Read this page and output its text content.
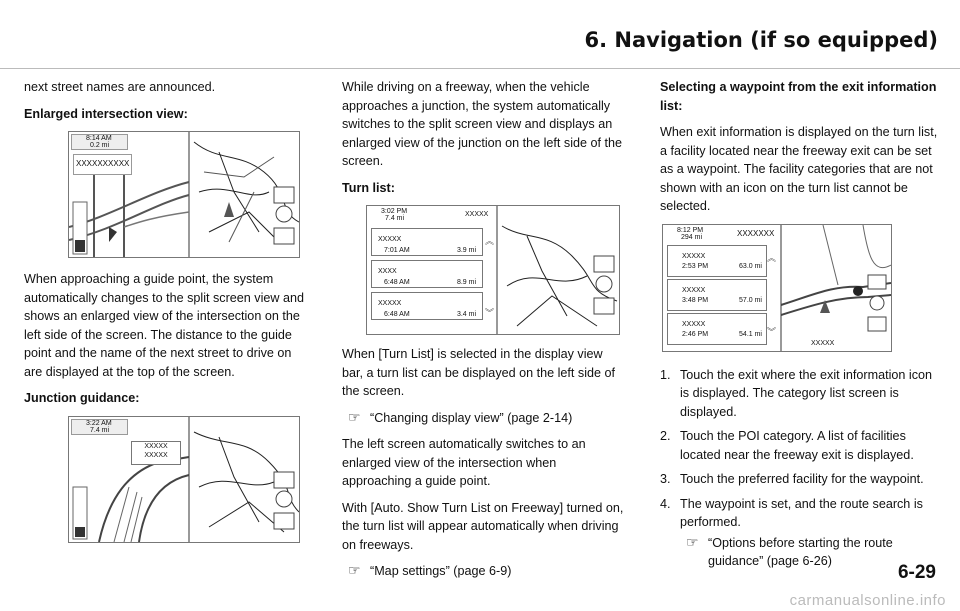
6. Navigation (if so equipped)

next street names are announced.

Enlarged intersection view:

8:14 AM
0.2 mi
XXXXXXXXXX

When approaching a guide point, the system automatically changes to the split screen view and shows an enlarged view of the intersection on the left side of the screen. The distance to the guide point and the name of the next street to drive on are displayed at the top of the screen.

Junction guidance:

3:22 AM
7.4 mi
XXXXX
XXXXX

While driving on a freeway, when the vehicle approaches a junction, the system automatically switches to the split screen view and displays an enlarged view of the junction on the left side of the screen.

Turn list:

3:02 PM
7.4 mi
XXXXX
XXXXX
7:01 AM	3.9 mi
XXXX
6:48 AM	8.9 mi
XXXXX
6:48 AM	3.4 mi
︽
︾

When [Turn List] is selected in the display view bar, a turn list can be displayed on the left side of the screen.

☞ “Changing display view” (page 2-14)

The left screen automatically switches to an enlarged view of the intersection when approaching a guide point.

With [Auto. Show Turn List on Freeway] turned on, the turn list will appear automatically when driving on freeways.

☞ “Map settings” (page 6-9)

Selecting a waypoint from the exit information list:

When exit information is displayed on the turn list, a facility located near the freeway exit can be set as a waypoint. The facility categories that are not shown with an icon on the turn list cannot be selected.

8:12 PM
294 mi	XXXXXXX
XXXXX
2:53 PM	63.0 mi
XXXXX
3:48 PM	57.0 mi
XXXXX
2:46 PM	54.1 mi
︽
︾
XXXXX
1. Touch the exit where the exit information icon is displayed. The category list screen is displayed.
2. Touch the POI category. A list of facilities located near the freeway exit is displayed.
3. Touch the preferred facility for the waypoint.
4. The waypoint is set, and the route search is performed.
☞ “Options before starting the route guidance” (page 6-26)
6-29
carmanualsonline.info
